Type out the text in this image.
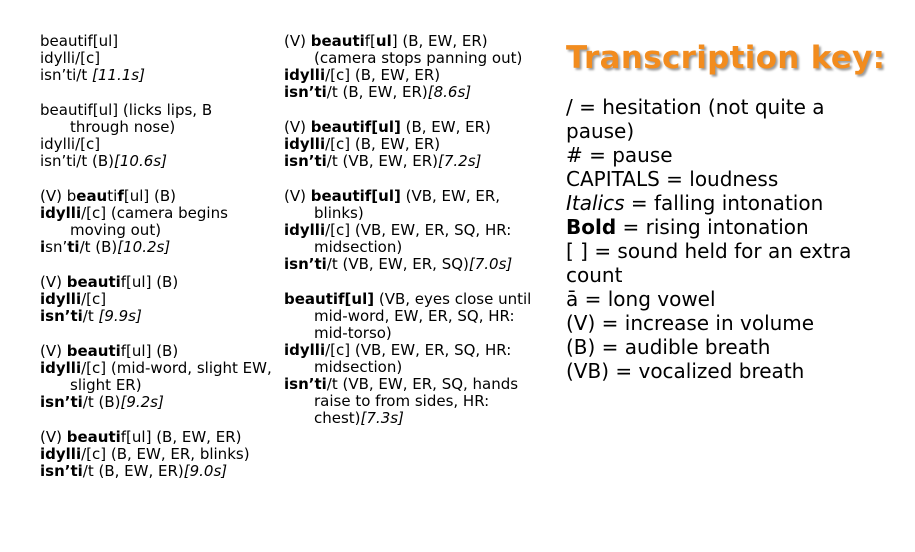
beautif[ul]
idylli/[c]
isn’ti/t [11.1s]
beautif[ul] (licks lips, B through nose)
idylli/[c]
isn’ti/t (B)[10.6s]
(V) beautif[ul] (B)
idylli/[c] (camera begins moving out)
isn’ti/t (B)[10.2s]
(V) beautif[ul] (B)
idylli/[c]
isn’ti/t [9.9s]
(V) beautif[ul] (B)
idylli/[c] (mid-word, slight EW, slight ER)
isn’ti/t (B)[9.2s]
(V) beautif[ul] (B, EW, ER)
idylli/[c] (B, EW, ER, blinks)
isn’ti/t (B, EW, ER)[9.0s]
(V) beautif[ul] (B, EW, ER) (camera stops panning out)
idylli/[c] (B, EW, ER)
isn’ti/t (B, EW, ER)[8.6s]
(V) beautif[ul] (B, EW, ER)
idylli/[c] (B, EW, ER)
isn’ti/t (VB, EW, ER)[7.2s]
(V) beautif[ul] (VB, EW, ER, blinks)
idylli/[c] (VB, EW, ER, SQ, HR: midsection)
isn’ti/t (VB, EW, ER, SQ)[7.0s]
beautif[ul] (VB, eyes close until mid-word, EW, ER, SQ, HR: mid-torso)
idylli/[c] (VB, EW, ER, SQ, HR: midsection)
isn’ti/t (VB, EW, ER, SQ, hands raise to from sides, HR: chest)[7.3s]
Transcription key:
/ = hesitation (not quite a pause)
# = pause
CAPITALS = loudness
Italics = falling intonation
Bold = rising intonation
[ ] = sound held for an extra count
ā = long vowel
(V) = increase in volume
(B) = audible breath
(VB) = vocalized breath
